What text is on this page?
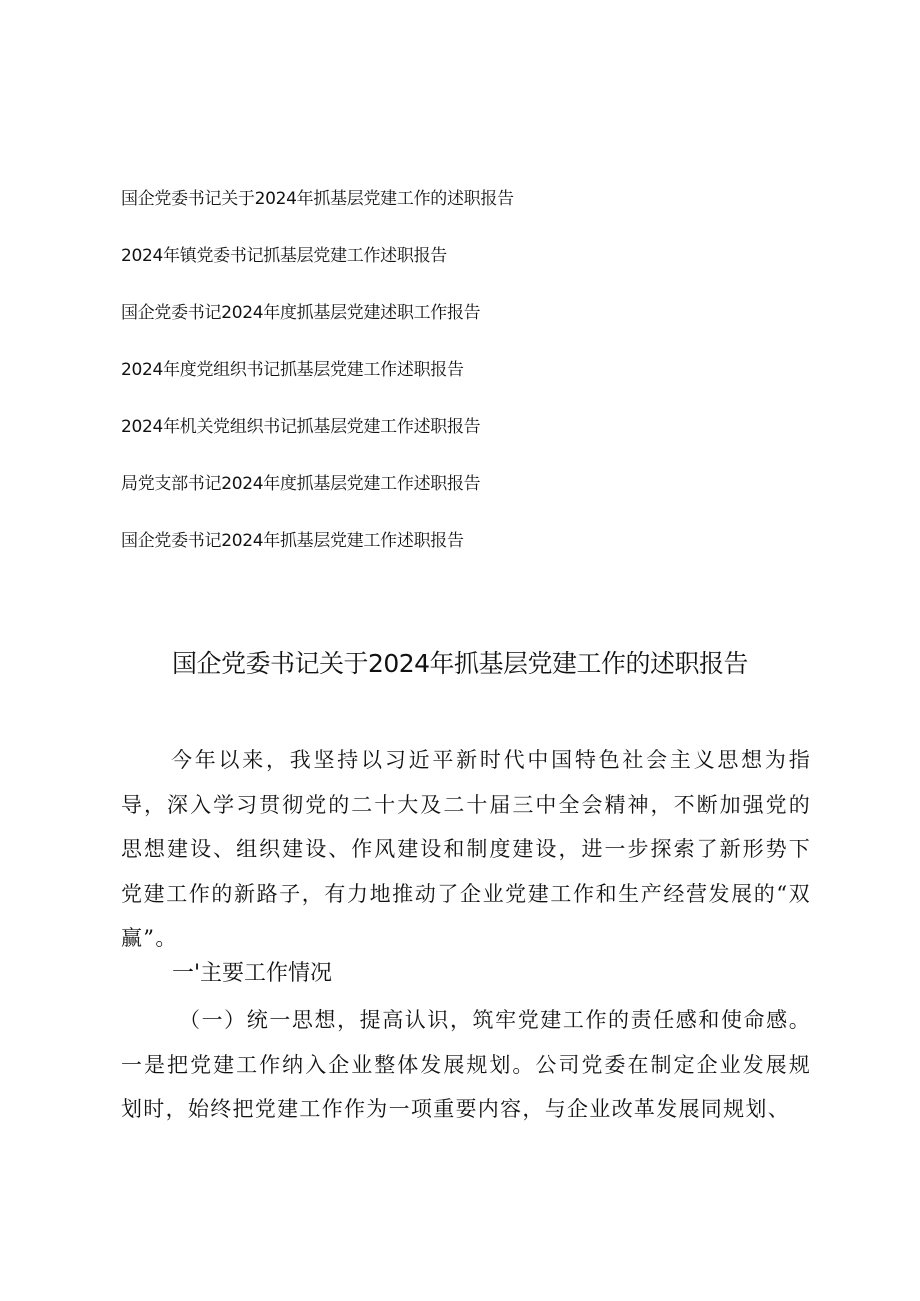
国企党委书记关于2024年抓基层党建工作的述职报告
2024年镇党委书记抓基层党建工作述职报告
国企党委书记2024年度抓基层党建述职工作报告
2024年度党组织书记抓基层党建工作述职报告
2024年机关党组织书记抓基层党建工作述职报告
局党支部书记2024年度抓基层党建工作述职报告
国企党委书记2024年抓基层党建工作述职报告
国企党委书记关于2024年抓基层党建工作的述职报告
今年以来，我坚持以习近平新时代中国特色社会主义思想为指导，深入学习贯彻党的二十大及二十届三中全会精神，不断加强党的思想建设、组织建设、作风建设和制度建设，进一步探索了新形势下党建工作的新路子，有力地推动了企业党建工作和生产经营发展的“双赢”。
一'主要工作情况
（一）统一思想，提高认识，筑牢党建工作的责任感和使命感。一是把党建工作纳入企业整体发展规划。公司党委在制定企业发展规划时，始终把党建工作作为一项重要内容，与企业改革发展同规划、
